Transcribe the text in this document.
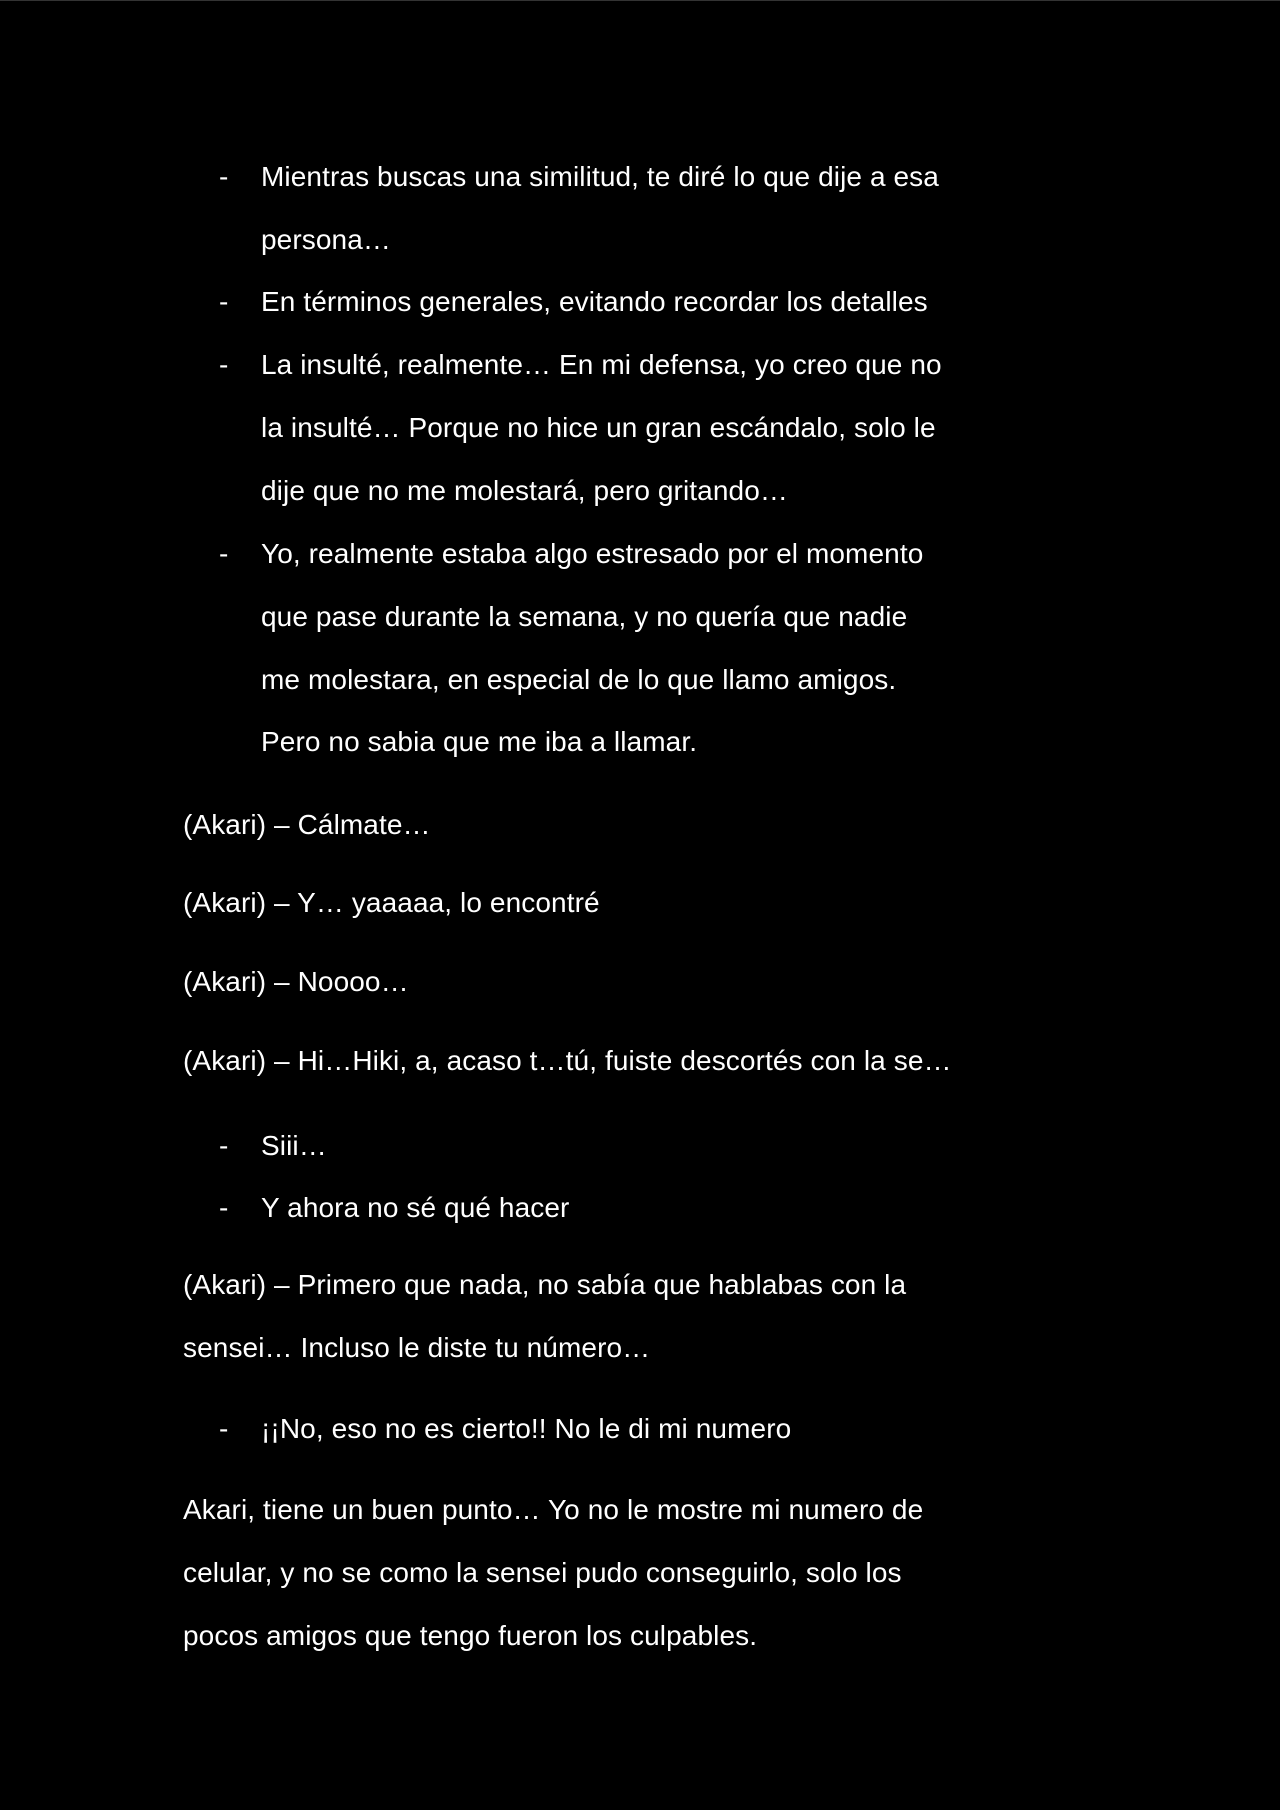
- Mientras buscas una similitud, te diré lo que dije a esa
persona…
- En términos generales, evitando recordar los detalles
- La insulté, realmente… En mi defensa, yo creo que no
la insulté… Porque no hice un gran escándalo, solo le
dije que no me molestará, pero gritando…
- Yo, realmente estaba algo estresado por el momento
que pase durante la semana, y no quería que nadie
me molestara, en especial de lo que llamo amigos.
Pero no sabia que me iba a llamar.
(Akari) – Cálmate…
(Akari) – Y… yaaaaa, lo encontré
(Akari) – Noooo…
(Akari) – Hi…Hiki, a, acaso t…tú, fuiste descortés con la se…
- Siii…
- Y ahora no sé qué hacer
(Akari) – Primero que nada, no sabía que hablabas con la
sensei… Incluso le diste tu número…
- ¡¡No, eso no es cierto!! No le di mi numero
Akari, tiene un buen punto… Yo no le mostre mi numero de
celular, y no se como la sensei pudo conseguirlo, solo los
pocos amigos que tengo fueron los culpables.
